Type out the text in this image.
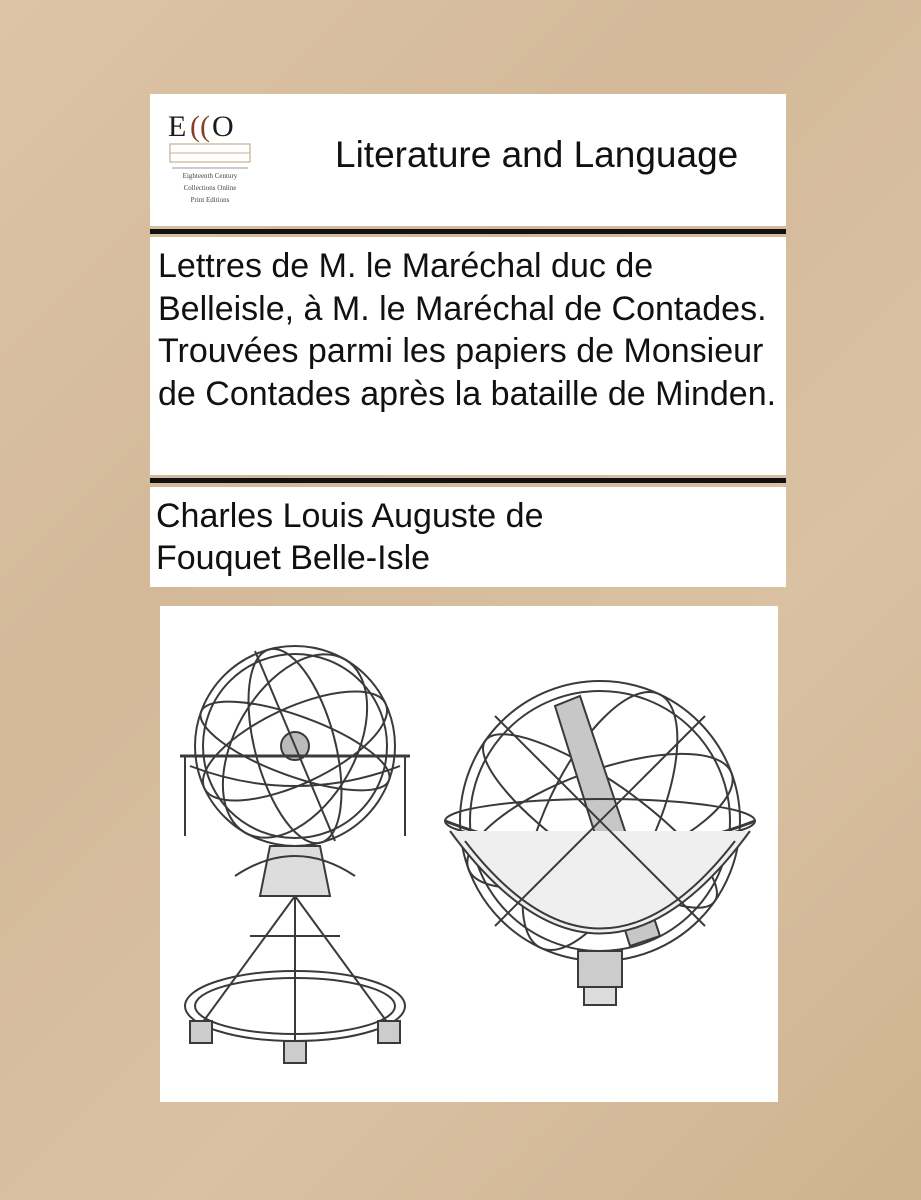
E (( O
Eighteenth Century
Collections Online
Print Editions
Literature and Language
Lettres de M. le Maréchal duc de Belleisle, à M. le Maréchal de Contades. Trouvées parmi les papiers de Monsieur de Contades après la bataille de Minden.

Charles Louis Auguste de Fouquet Belle-Isle
